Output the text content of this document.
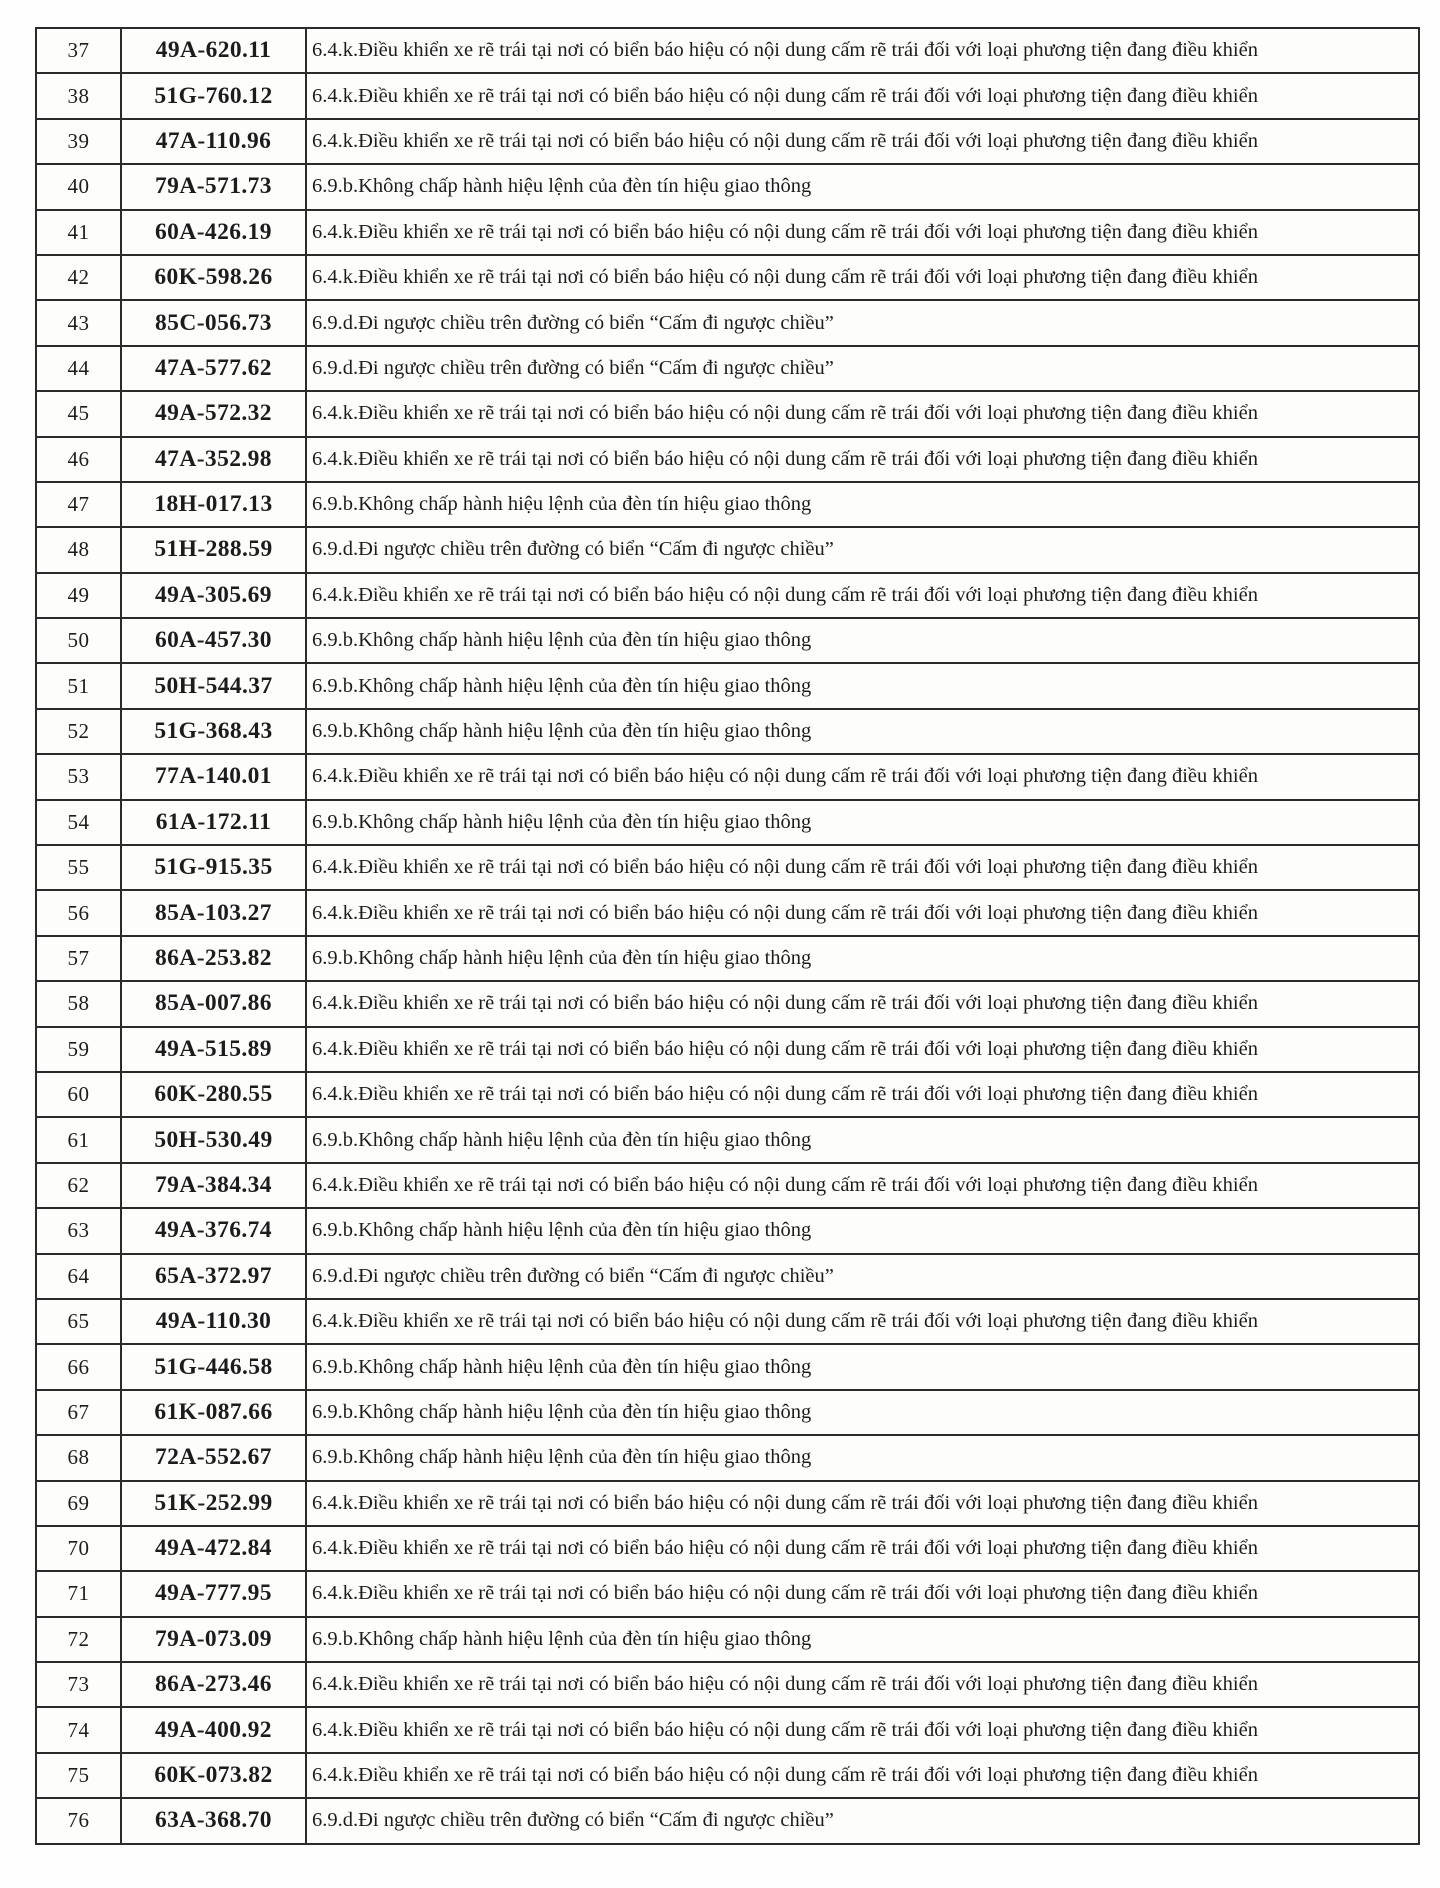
37	49A-620.11	6.4.k.Điều khiển xe rẽ trái tại nơi có biển báo hiệu có nội dung cấm rẽ trái đối với loại phương tiện đang điều khiển
38	51G-760.12	6.4.k.Điều khiển xe rẽ trái tại nơi có biển báo hiệu có nội dung cấm rẽ trái đối với loại phương tiện đang điều khiển
39	47A-110.96	6.4.k.Điều khiển xe rẽ trái tại nơi có biển báo hiệu có nội dung cấm rẽ trái đối với loại phương tiện đang điều khiển
40	79A-571.73	6.9.b.Không chấp hành hiệu lệnh của đèn tín hiệu giao thông
41	60A-426.19	6.4.k.Điều khiển xe rẽ trái tại nơi có biển báo hiệu có nội dung cấm rẽ trái đối với loại phương tiện đang điều khiển
42	60K-598.26	6.4.k.Điều khiển xe rẽ trái tại nơi có biển báo hiệu có nội dung cấm rẽ trái đối với loại phương tiện đang điều khiển
43	85C-056.73	6.9.d.Đi ngược chiều trên đường có biển “Cấm đi ngược chiều”
44	47A-577.62	6.9.d.Đi ngược chiều trên đường có biển “Cấm đi ngược chiều”
45	49A-572.32	6.4.k.Điều khiển xe rẽ trái tại nơi có biển báo hiệu có nội dung cấm rẽ trái đối với loại phương tiện đang điều khiển
46	47A-352.98	6.4.k.Điều khiển xe rẽ trái tại nơi có biển báo hiệu có nội dung cấm rẽ trái đối với loại phương tiện đang điều khiển
47	18H-017.13	6.9.b.Không chấp hành hiệu lệnh của đèn tín hiệu giao thông
48	51H-288.59	6.9.d.Đi ngược chiều trên đường có biển “Cấm đi ngược chiều”
49	49A-305.69	6.4.k.Điều khiển xe rẽ trái tại nơi có biển báo hiệu có nội dung cấm rẽ trái đối với loại phương tiện đang điều khiển
50	60A-457.30	6.9.b.Không chấp hành hiệu lệnh của đèn tín hiệu giao thông
51	50H-544.37	6.9.b.Không chấp hành hiệu lệnh của đèn tín hiệu giao thông
52	51G-368.43	6.9.b.Không chấp hành hiệu lệnh của đèn tín hiệu giao thông
53	77A-140.01	6.4.k.Điều khiển xe rẽ trái tại nơi có biển báo hiệu có nội dung cấm rẽ trái đối với loại phương tiện đang điều khiển
54	61A-172.11	6.9.b.Không chấp hành hiệu lệnh của đèn tín hiệu giao thông
55	51G-915.35	6.4.k.Điều khiển xe rẽ trái tại nơi có biển báo hiệu có nội dung cấm rẽ trái đối với loại phương tiện đang điều khiển
56	85A-103.27	6.4.k.Điều khiển xe rẽ trái tại nơi có biển báo hiệu có nội dung cấm rẽ trái đối với loại phương tiện đang điều khiển
57	86A-253.82	6.9.b.Không chấp hành hiệu lệnh của đèn tín hiệu giao thông
58	85A-007.86	6.4.k.Điều khiển xe rẽ trái tại nơi có biển báo hiệu có nội dung cấm rẽ trái đối với loại phương tiện đang điều khiển
59	49A-515.89	6.4.k.Điều khiển xe rẽ trái tại nơi có biển báo hiệu có nội dung cấm rẽ trái đối với loại phương tiện đang điều khiển
60	60K-280.55	6.4.k.Điều khiển xe rẽ trái tại nơi có biển báo hiệu có nội dung cấm rẽ trái đối với loại phương tiện đang điều khiển
61	50H-530.49	6.9.b.Không chấp hành hiệu lệnh của đèn tín hiệu giao thông
62	79A-384.34	6.4.k.Điều khiển xe rẽ trái tại nơi có biển báo hiệu có nội dung cấm rẽ trái đối với loại phương tiện đang điều khiển
63	49A-376.74	6.9.b.Không chấp hành hiệu lệnh của đèn tín hiệu giao thông
64	65A-372.97	6.9.d.Đi ngược chiều trên đường có biển “Cấm đi ngược chiều”
65	49A-110.30	6.4.k.Điều khiển xe rẽ trái tại nơi có biển báo hiệu có nội dung cấm rẽ trái đối với loại phương tiện đang điều khiển
66	51G-446.58	6.9.b.Không chấp hành hiệu lệnh của đèn tín hiệu giao thông
67	61K-087.66	6.9.b.Không chấp hành hiệu lệnh của đèn tín hiệu giao thông
68	72A-552.67	6.9.b.Không chấp hành hiệu lệnh của đèn tín hiệu giao thông
69	51K-252.99	6.4.k.Điều khiển xe rẽ trái tại nơi có biển báo hiệu có nội dung cấm rẽ trái đối với loại phương tiện đang điều khiển
70	49A-472.84	6.4.k.Điều khiển xe rẽ trái tại nơi có biển báo hiệu có nội dung cấm rẽ trái đối với loại phương tiện đang điều khiển
71	49A-777.95	6.4.k.Điều khiển xe rẽ trái tại nơi có biển báo hiệu có nội dung cấm rẽ trái đối với loại phương tiện đang điều khiển
72	79A-073.09	6.9.b.Không chấp hành hiệu lệnh của đèn tín hiệu giao thông
73	86A-273.46	6.4.k.Điều khiển xe rẽ trái tại nơi có biển báo hiệu có nội dung cấm rẽ trái đối với loại phương tiện đang điều khiển
74	49A-400.92	6.4.k.Điều khiển xe rẽ trái tại nơi có biển báo hiệu có nội dung cấm rẽ trái đối với loại phương tiện đang điều khiển
75	60K-073.82	6.4.k.Điều khiển xe rẽ trái tại nơi có biển báo hiệu có nội dung cấm rẽ trái đối với loại phương tiện đang điều khiển
76	63A-368.70	6.9.d.Đi ngược chiều trên đường có biển “Cấm đi ngược chiều”
